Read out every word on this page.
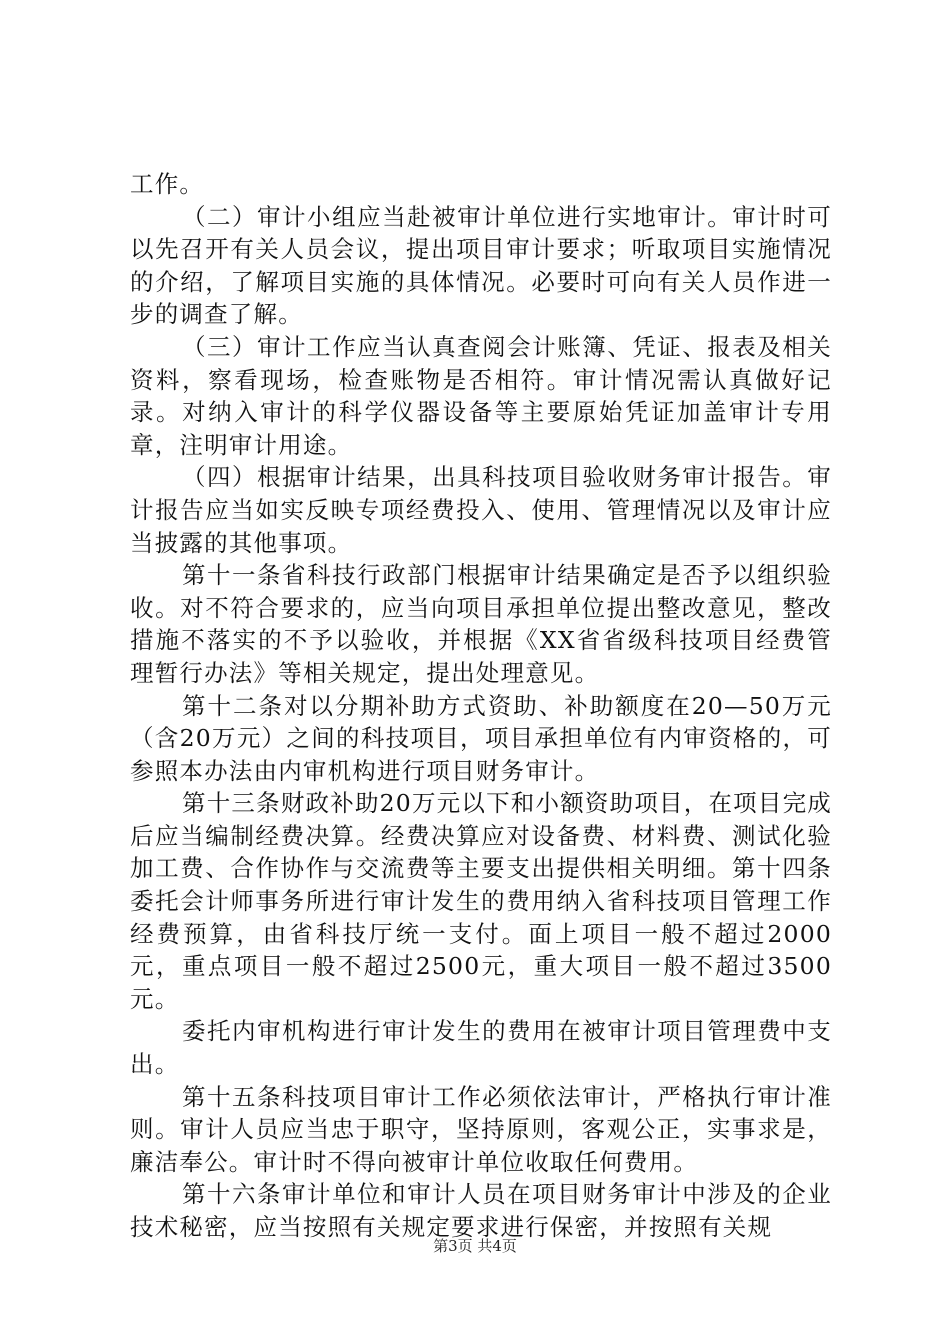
工作。

（二）审计小组应当赴被审计单位进行实地审计。审计时可以先召开有关人员会议，提出项目审计要求；听取项目实施情况的介绍，了解项目实施的具体情况。必要时可向有关人员作进一步的调查了解。

（三）审计工作应当认真查阅会计账簿、凭证、报表及相关资料，察看现场，检查账物是否相符。审计情况需认真做好记录。对纳入审计的科学仪器设备等主要原始凭证加盖审计专用章，注明审计用途。

（四）根据审计结果，出具科技项目验收财务审计报告。审计报告应当如实反映专项经费投入、使用、管理情况以及审计应当披露的其他事项。

第十一条省科技行政部门根据审计结果确定是否予以组织验收。对不符合要求的，应当向项目承担单位提出整改意见，整改措施不落实的不予以验收，并根据《XX省省级科技项目经费管理暂行办法》等相关规定，提出处理意见。

第十二条对以分期补助方式资助、补助额度在20—50万元（含20万元）之间的科技项目，项目承担单位有内审资格的，可参照本办法由内审机构进行项目财务审计。

第十三条财政补助20万元以下和小额资助项目，在项目完成后应当编制经费决算。经费决算应对设备费、材料费、测试化验加工费、合作协作与交流费等主要支出提供相关明细。第十四条委托会计师事务所进行审计发生的费用纳入省科技项目管理工作经费预算，由省科技厅统一支付。面上项目一般不超过2000元，重点项目一般不超过2500元，重大项目一般不超过3500元。

委托内审机构进行审计发生的费用在被审计项目管理费中支出。

第十五条科技项目审计工作必须依法审计，严格执行审计准则。审计人员应当忠于职守，坚持原则，客观公正，实事求是，廉洁奉公。审计时不得向被审计单位收取任何费用。

第十六条审计单位和审计人员在项目财务审计中涉及的企业技术秘密，应当按照有关规定要求进行保密，并按照有关规

第3页 共4页
